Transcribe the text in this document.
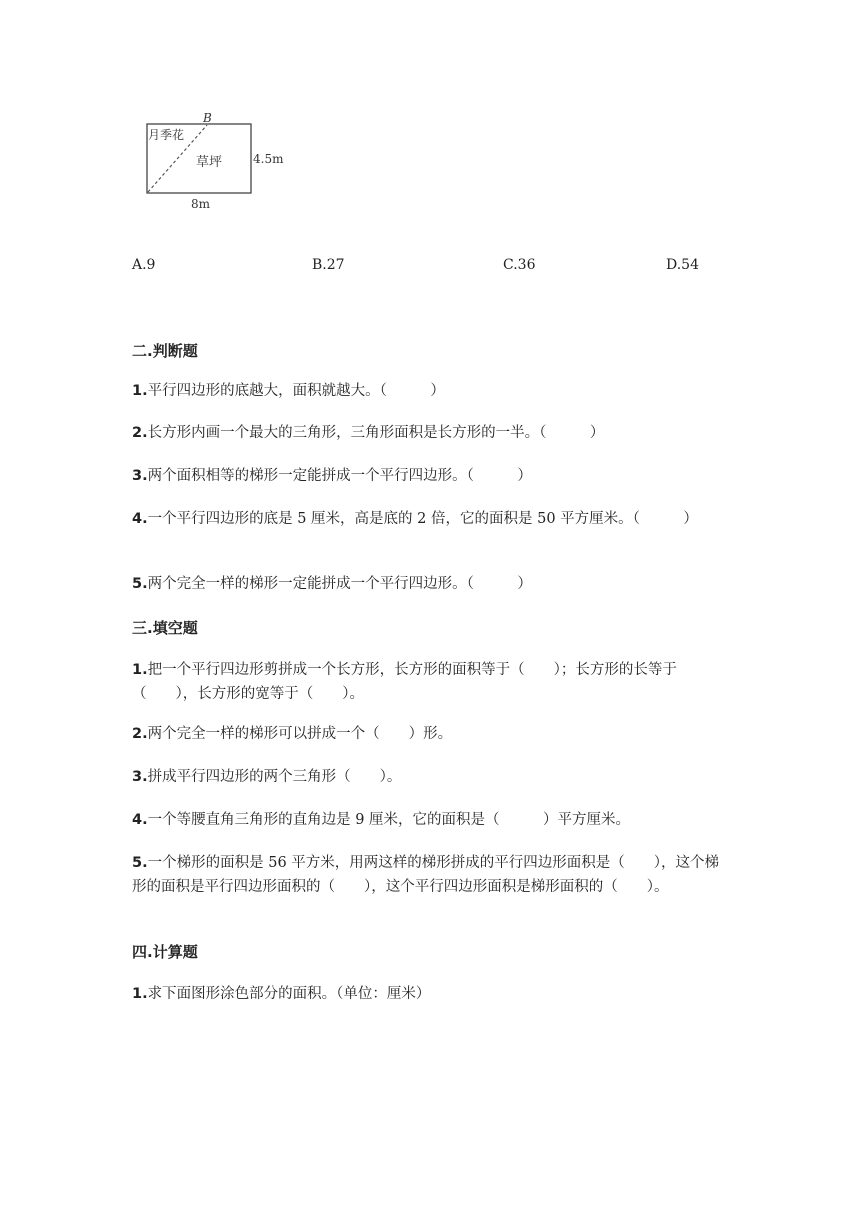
B
月季花
草坪	4.5m
8m
A.9	B.27	C.36	D.54
二.判断题
1.平行四边形的底越大，面积就越大。（　　　）
2.长方形内画一个最大的三角形，三角形面积是长方形的一半。（　　　）
3.两个面积相等的梯形一定能拼成一个平行四边形。（　　　）
4.一个平行四边形的底是 5 厘米，高是底的 2 倍，它的面积是 50 平方厘米。（　　　）
5.两个完全一样的梯形一定能拼成一个平行四边形。（　　　）
三.填空题
1.把一个平行四边形剪拼成一个长方形，长方形的面积等于（　　）；长方形的长等于（　　），长方形的宽等于（　　）。
2.两个完全一样的梯形可以拼成一个（　　）形。
3.拼成平行四边形的两个三角形（　　）。
4.一个等腰直角三角形的直角边是 9 厘米，它的面积是（　　　）平方厘米。
5.一个梯形的面积是 56 平方米，用两这样的梯形拼成的平行四边形面积是（　　），这个梯形的面积是平行四边形面积的（　　），这个平行四边形面积是梯形面积的（　　）。
四.计算题
1.求下面图形涂色部分的面积。（单位：厘米）
